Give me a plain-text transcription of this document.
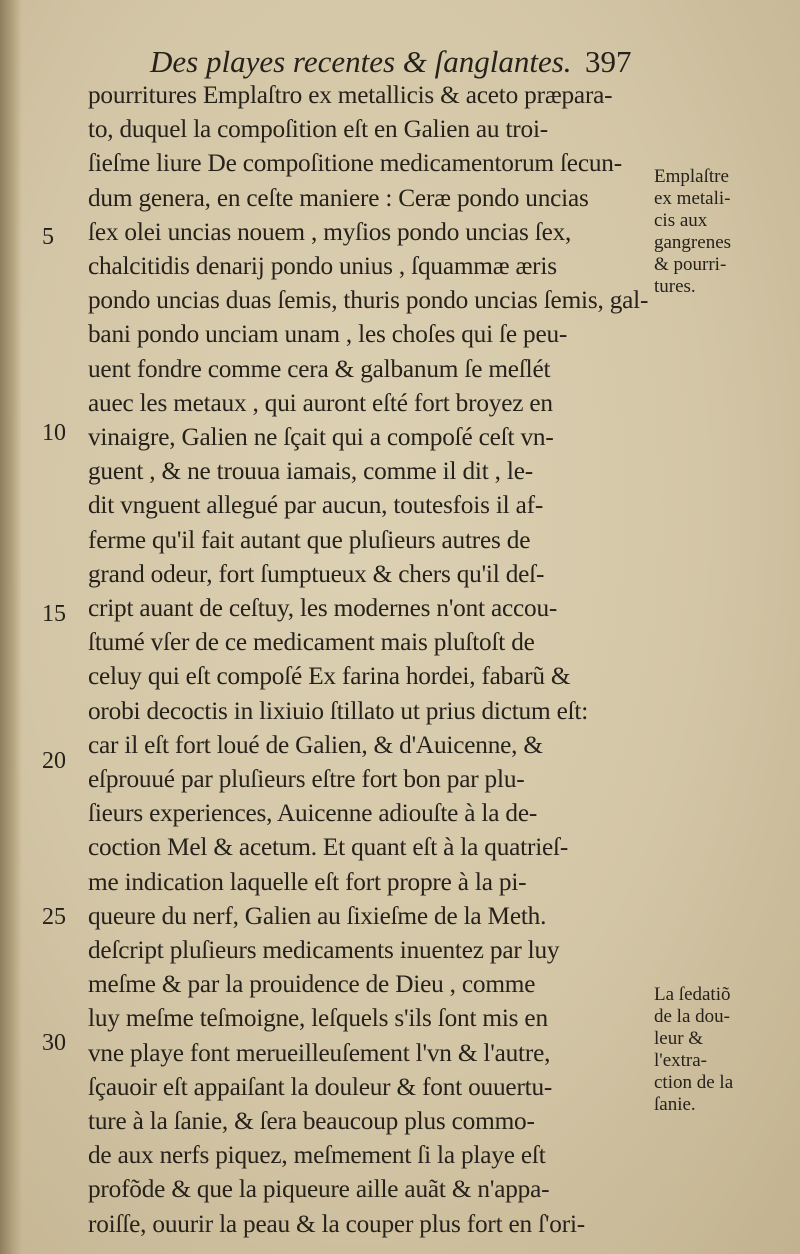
Des playes recentes & ſanglantes. 397
pourritures Emplaſtro ex metallicis & aceto præpara-
to, duquel la compoſition eſt en Galien au troi-
ſieſme liure De compoſitione medicamentorum ſecun-
dum genera, en ceſte maniere : Ceræ pondo uncias
ſex olei uncias nouem , myſios pondo uncias ſex,
chalcitidis denarij pondo unius , ſquammæ æris
pondo uncias duas ſemis, thuris pondo uncias ſemis, gal-
bani pondo unciam unam , les choſes qui ſe peu-
uent fondre comme cera & galbanum ſe meſlét
auec les metaux , qui auront eſté fort broyez en
vinaigre, Galien ne ſçait qui a compoſé ceſt vn-
guent , & ne trouua iamais, comme il dit , le-
dit vnguent allegué par aucun, toutesfois il af-
ferme qu'il fait autant que pluſieurs autres de
grand odeur, fort ſumptueux & chers qu'il deſ-
cript auant de ceſtuy, les modernes n'ont accou-
ſtumé vſer de ce medicament mais pluſtoſt de
celuy qui eſt compoſé Ex farina hordei, fabarũ &
orobi decoctis in lixiuio ſtillato ut prius dictum eſt:
car il eſt fort loué de Galien, & d'Auicenne, &
eſprouué par pluſieurs eſtre fort bon par plu-
ſieurs experiences, Auicenne adiouſte à la de-
coction Mel & acetum. Et quant eſt à la quatrieſ-
me indication laquelle eſt fort propre à la pi-
queure du nerf, Galien au ſixieſme de la Meth.
deſcript pluſieurs medicaments inuentez par luy
meſme & par la prouidence de Dieu , comme
luy meſme teſmoigne, leſquels s'ils ſont mis en
vne playe font merueilleuſement l'vn & l'autre,
ſçauoir eſt appaiſant la douleur & font ouuertu-
ture à la ſanie, & ſera beaucoup plus commo-
de aux nerfs piquez, meſmement ſi la playe eſt
profõde & que la piqueure aille auãt & n'appa-
roiſſe, ouurir la peau & la couper plus fort en ſ'ori-
5
10
15
20
25
30
Emplaſtre
ex metali-
cis aux
gangrenes
& pourri-
tures.
La ſedatiõ
de la dou-
leur &
l'extra-
ction de la
ſanie.
